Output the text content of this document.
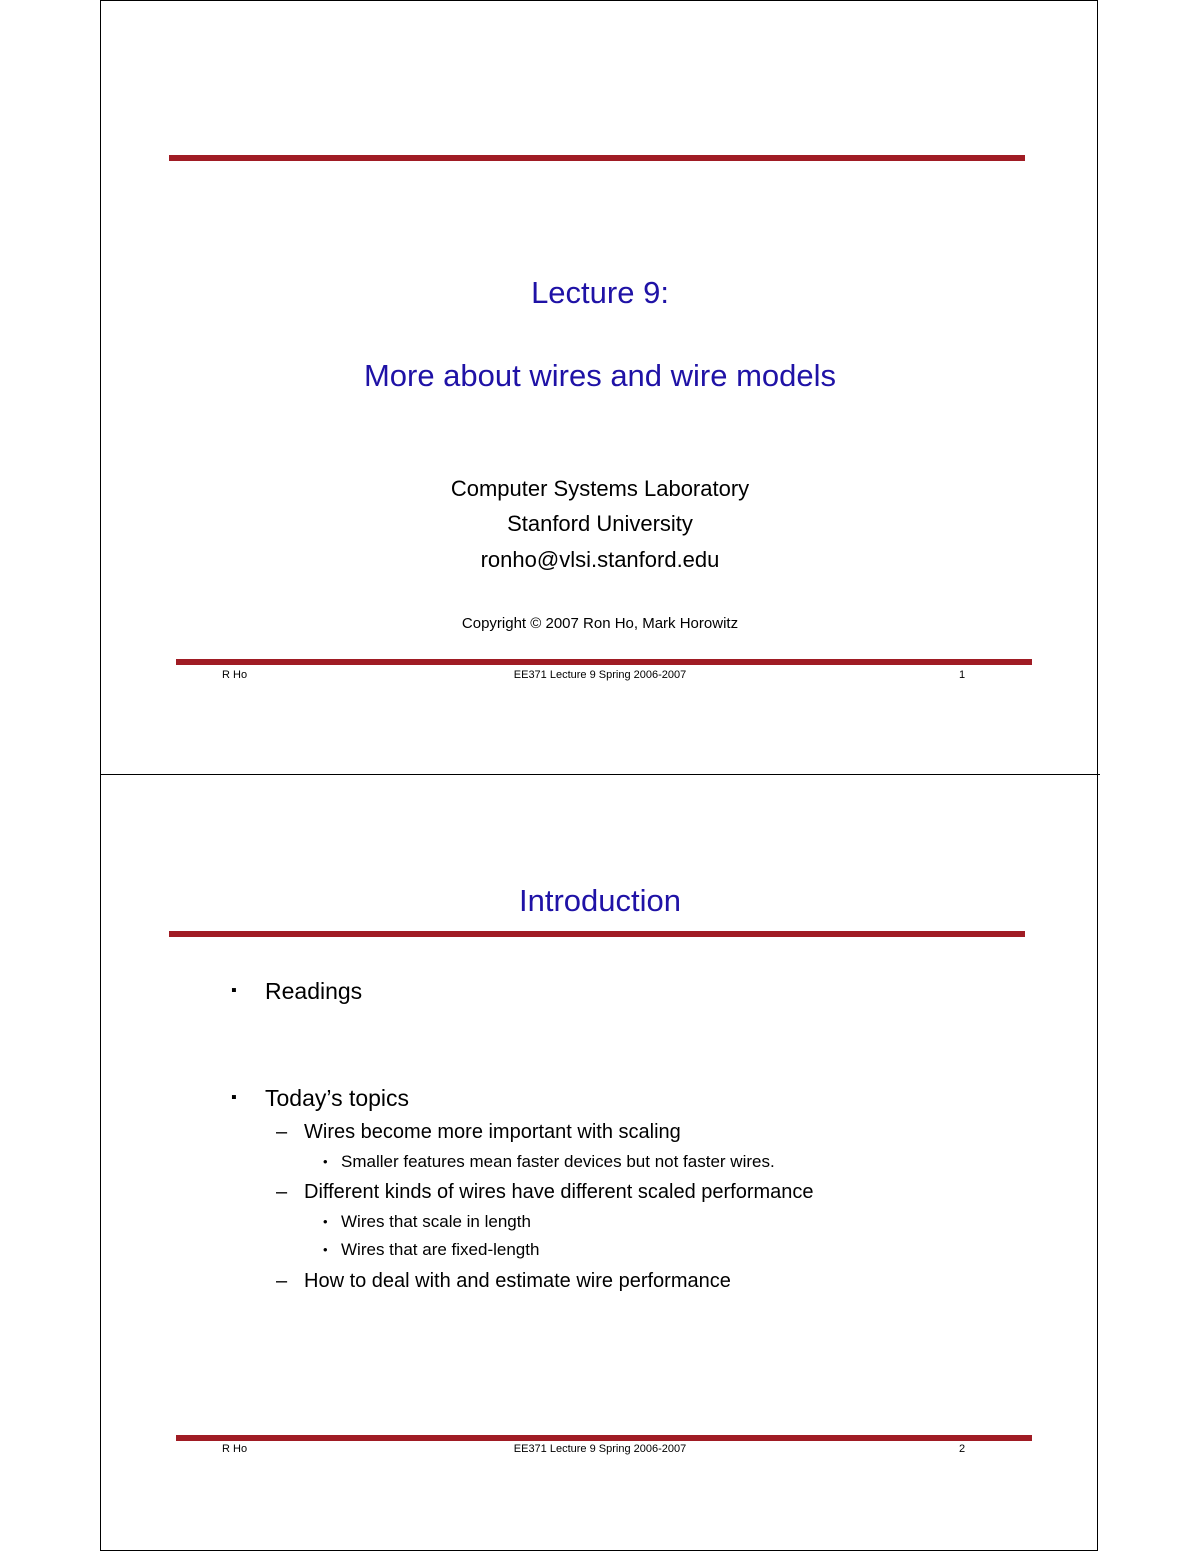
Lecture 9:
More about wires and wire models
Computer Systems Laboratory
Stanford University
ronho@vlsi.stanford.edu
Copyright © 2007 Ron Ho, Mark Horowitz
R Ho	EE371 Lecture 9 Spring 2006-2007	1
Introduction
▪ Readings
▪ Today’s topics
– Wires become more important with scaling
• Smaller features mean faster devices but not faster wires.
– Different kinds of wires have different scaled performance
• Wires that scale in length
• Wires that are fixed-length
– How to deal with and estimate wire performance
R Ho	EE371 Lecture 9 Spring 2006-2007	2
